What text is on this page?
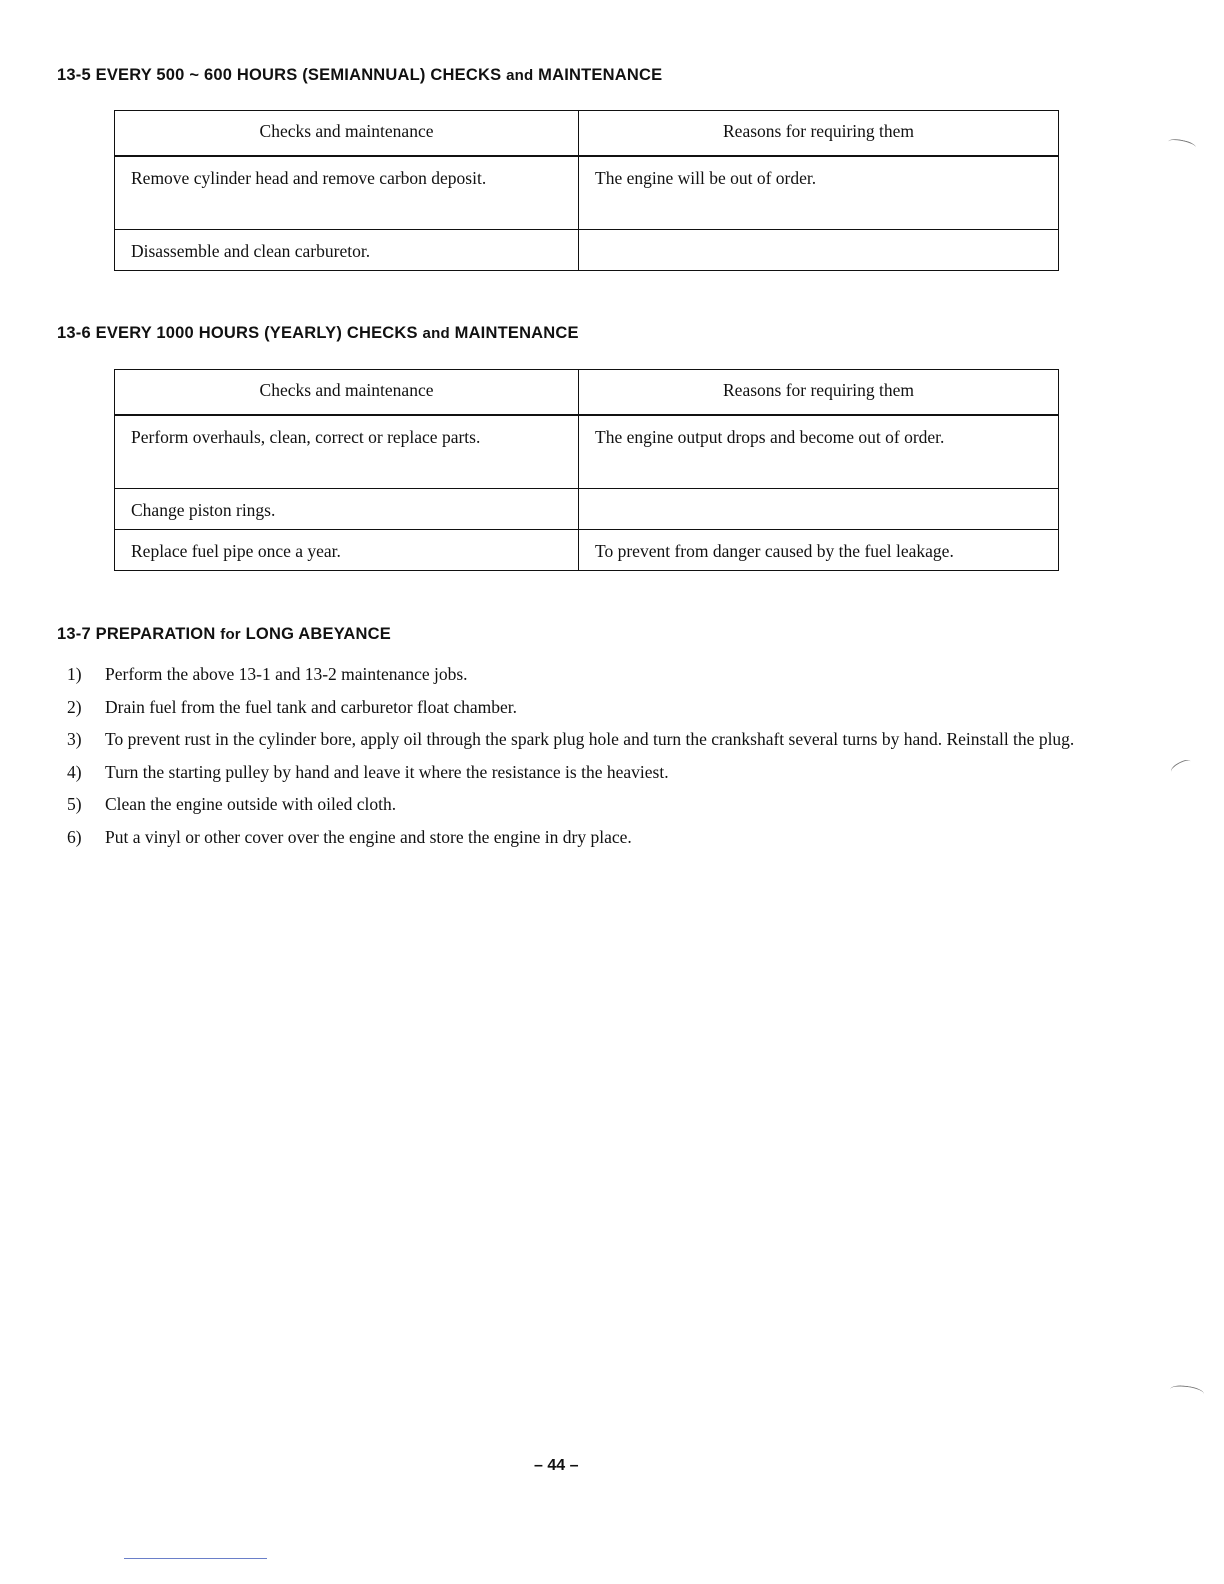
13-5 EVERY 500 ~ 600 HOURS (SEMIANNUAL) CHECKS and MAINTENANCE
Checks and maintenance	Reasons for requiring them
Remove cylinder head and remove carbon deposit.	The engine will be out of order.
Disassemble and clean carburetor.	
13-6 EVERY 1000 HOURS (YEARLY) CHECKS and MAINTENANCE
Checks and maintenance	Reasons for requiring them
Perform overhauls, clean, correct or replace parts.	The engine output drops and become out of order.
Change piston rings.	
Replace fuel pipe once a year.	To prevent from danger caused by the fuel leakage.
13-7 PREPARATION for LONG ABEYANCE
1) Perform the above 13-1 and 13-2 maintenance jobs.
2) Drain fuel from the fuel tank and carburetor float chamber.
3) To prevent rust in the cylinder bore, apply oil through the spark plug hole and turn the crankshaft several turns by hand. Reinstall the plug.
4) Turn the starting pulley by hand and leave it where the resistance is the heaviest.
5) Clean the engine outside with oiled cloth.
6) Put a vinyl or other cover over the engine and store the engine in dry place.
– 44 –
